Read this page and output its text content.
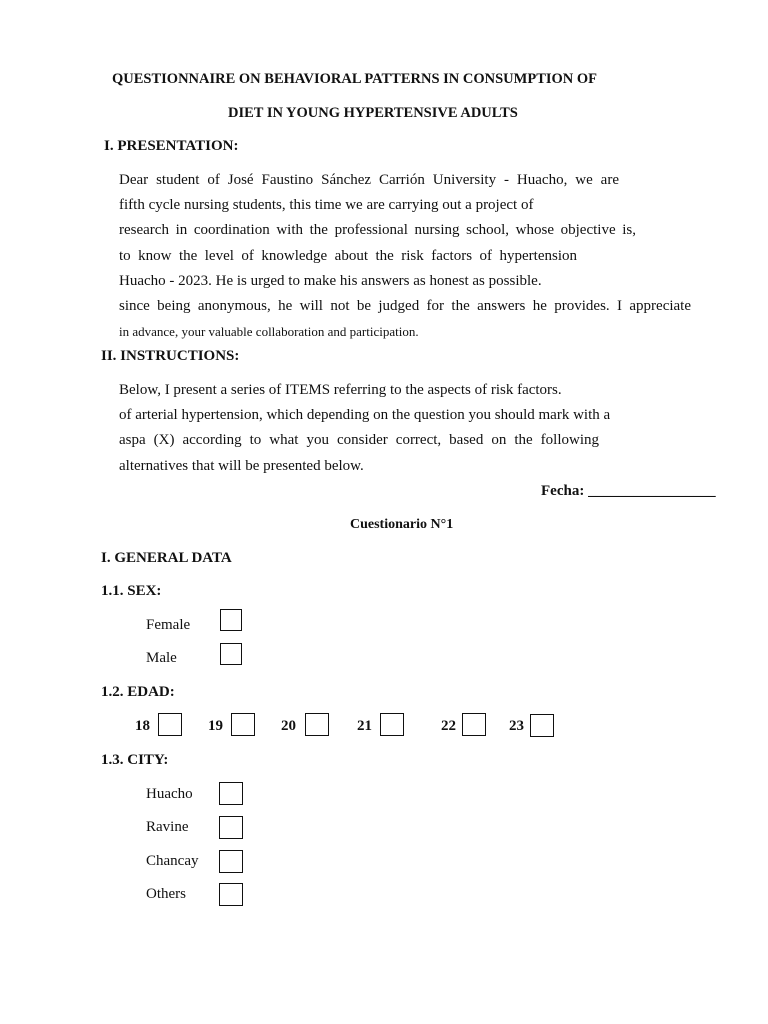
QUESTIONNAIRE ON BEHAVIORAL PATTERNS IN CONSUMPTION OF
DIET IN YOUNG HYPERTENSIVE ADULTS
I. PRESENTATION:
Dear student of José Faustino Sánchez Carrión University - Huacho, we are
fifth cycle nursing students, this time we are carrying out a project of
research in coordination with the professional nursing school, whose objective is,
to know the level of knowledge about the risk factors of hypertension
Huacho - 2023. He is urged to make his answers as honest as possible.
since being anonymous, he will not be judged for the answers he provides. I appreciate
in advance, your valuable collaboration and participation.
II. INSTRUCTIONS:
Below, I present a series of ITEMS referring to the aspects of risk factors.
of arterial hypertension, which depending on the question you should mark with a
aspa (X) according to what you consider correct, based on the following
alternatives that will be presented below.
Fecha: _________________
Cuestionario N°1
I. GENERAL DATA
1.1. SEX:
Female
Male
1.2. EDAD:
18	19	20	21	22	23
1.3. CITY:
Huacho
Ravine
Chancay
Others
